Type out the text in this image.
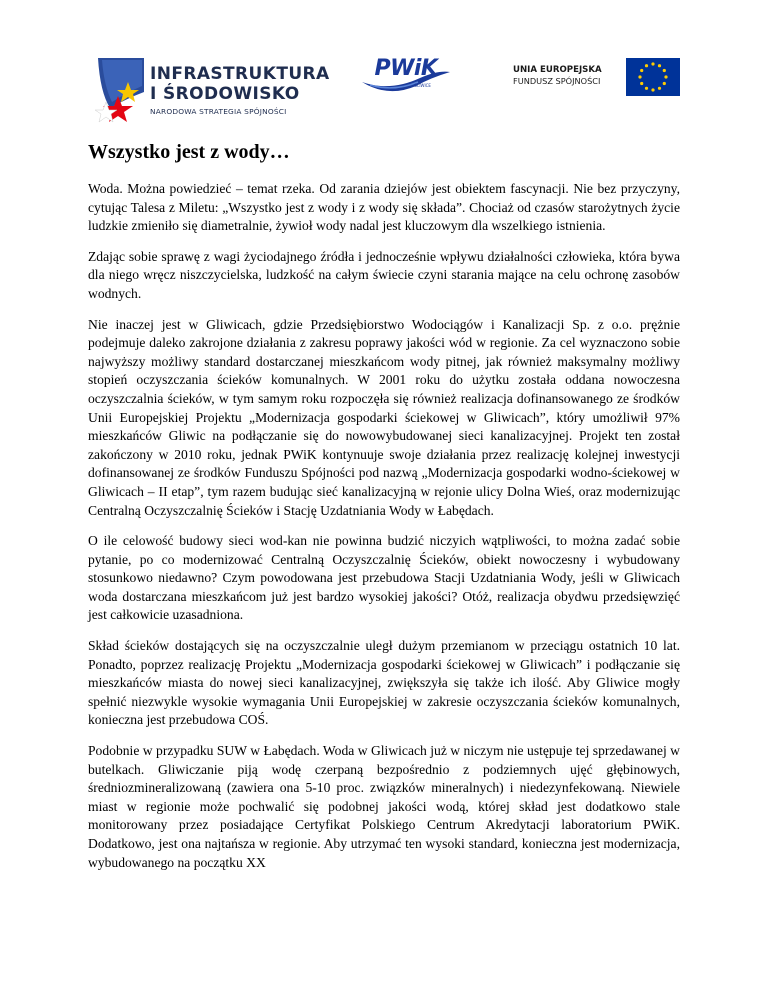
INFRASTRUKTURA
I ŚRODOWISKO
NARODOWA STRATEGIA SPÓJNOŚCI
PWiK
GLIWICE
UNIA EUROPEJSKA
FUNDUSZ SPÓJNOŚCI
Wszystko jest z wody…

Woda. Można powiedzieć – temat rzeka. Od zarania dziejów jest obiektem fascynacji. Nie bez przyczyny, cytując Talesa z Miletu: „Wszystko jest z wody i z wody się składa”. Chociaż od czasów starożytnych życie ludzkie zmieniło się diametralnie, żywioł wody nadal jest kluczowym dla wszelkiego istnienia.

Zdając sobie sprawę z wagi życiodajnego źródła i jednocześnie wpływu działalności człowieka, która bywa dla niego wręcz niszczycielska, ludzkość na całym świecie czyni starania mające na celu ochronę zasobów wodnych.

Nie inaczej jest w Gliwicach, gdzie Przedsiębiorstwo Wodociągów i Kanalizacji Sp. z o.o. prężnie podejmuje daleko zakrojone działania z zakresu poprawy jakości wód w regionie. Za cel wyznaczono sobie najwyższy możliwy standard dostarczanej mieszkańcom wody pitnej, jak również maksymalny możliwy stopień oczyszczania ścieków komunalnych. W 2001 roku do użytku została oddana nowoczesna oczyszczalnia ścieków, w tym samym roku rozpoczęła się również realizacja dofinansowanego ze środków Unii Europejskiej Projektu „Modernizacja gospodarki ściekowej w Gliwicach”, który umożliwił 97% mieszkańców Gliwic na podłączanie się do nowowybudowanej sieci kanalizacyjnej. Projekt ten został zakończony w 2010 roku, jednak PWiK kontynuuje swoje działania przez realizację kolejnej inwestycji dofinansowanej ze środków Funduszu Spójności pod nazwą „Modernizacja gospodarki wodno-ściekowej w Gliwicach – II etap”, tym razem budując sieć kanalizacyjną w rejonie ulicy Dolna Wieś, oraz modernizując Centralną Oczyszczalnię Ścieków i Stację Uzdatniania Wody w Łabędach.

O ile celowość budowy sieci wod-kan nie powinna budzić niczyich wątpliwości, to można zadać sobie pytanie, po co modernizować Centralną Oczyszczalnię Ścieków, obiekt nowoczesny i wybudowany stosunkowo niedawno? Czym powodowana jest przebudowa Stacji Uzdatniania Wody, jeśli w Gliwicach woda dostarczana mieszkańcom już jest bardzo wysokiej jakości? Otóż, realizacja obydwu przedsięwzięć jest całkowicie uzasadniona.

Skład ścieków dostających się na oczyszczalnie uległ dużym przemianom w przeciągu ostatnich 10 lat. Ponadto, poprzez realizację Projektu „Modernizacja gospodarki ściekowej w Gliwicach” i podłączanie się mieszkańców miasta do nowej sieci kanalizacyjnej, zwiększyła się także ich ilość. Aby Gliwice mogły spełnić niezwykle wysokie wymagania Unii Europejskiej w zakresie oczyszczania ścieków komunalnych, konieczna jest przebudowa COŚ.

Podobnie w przypadku SUW w Łabędach. Woda w Gliwicach już w niczym nie ustępuje tej sprzedawanej w butelkach. Gliwiczanie piją wodę czerpaną bezpośrednio z podziemnych ujęć głębinowych, średniozmineralizowaną (zawiera ona 5-10 proc. związków mineralnych) i niedezynfekowaną. Niewiele miast w regionie może pochwalić się podobnej jakości wodą, której skład jest dodatkowo stale monitorowany przez posiadające Certyfikat Polskiego Centrum Akredytacji laboratorium PWiK. Dodatkowo, jest ona najtańsza w regionie. Aby utrzymać ten wysoki standard, konieczna jest modernizacja, wybudowanego na początku XX
